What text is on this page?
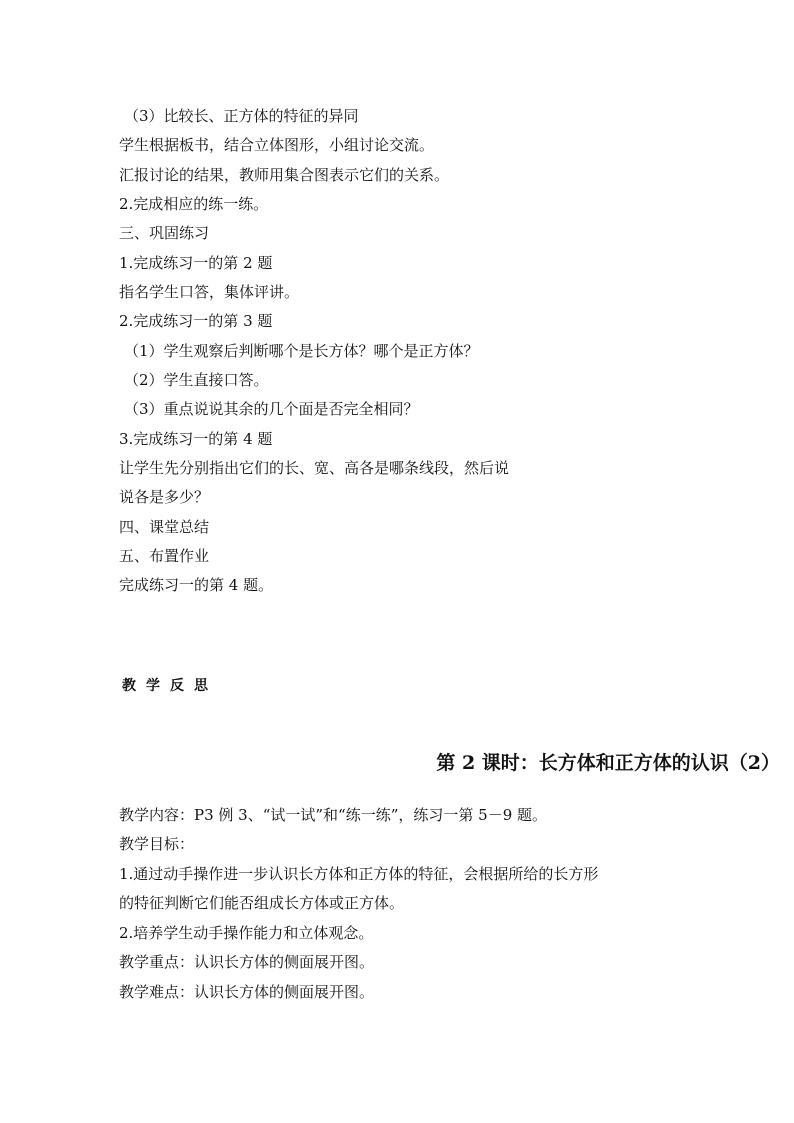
（3）比较长、正方体的特征的异同
学生根据板书，结合立体图形，小组讨论交流。
汇报讨论的结果，教师用集合图表示它们的关系。
2.完成相应的练一练。
三、巩固练习
1.完成练习一的第 2 题
指名学生口答，集体评讲。
2.完成练习一的第 3 题
（1）学生观察后判断哪个是长方体？哪个是正方体？
（2）学生直接口答。
（3）重点说说其余的几个面是否完全相同？
3.完成练习一的第 4 题
让学生先分别指出它们的长、宽、高各是哪条线段，然后说
说各是多少？
四、课堂总结
五、布置作业
完成练习一的第 4 题。
教学反思
第 2 课时：长方体和正方体的认识（2）
教学内容：P3 例 3、“试一试”和“练一练”，练习一第 5－9 题。
教学目标：
1.通过动手操作进一步认识长方体和正方体的特征，会根据所给的长方形
的特征判断它们能否组成长方体或正方体。
2.培养学生动手操作能力和立体观念。
教学重点：认识长方体的侧面展开图。
教学难点：认识长方体的侧面展开图。
